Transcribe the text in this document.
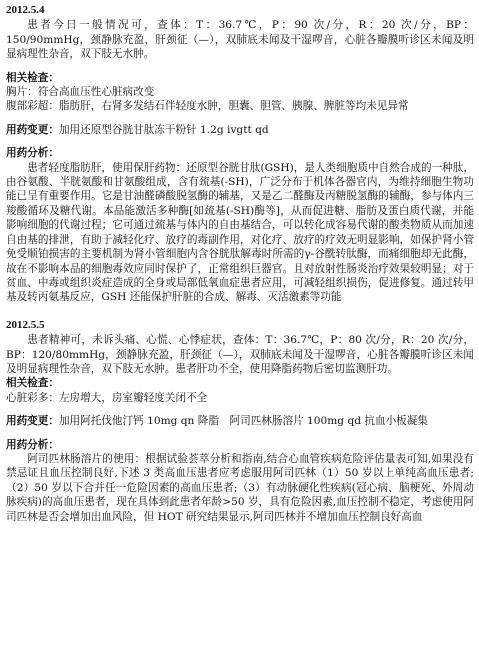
2012.5.4

患者今日一般情况可，查体：T：36.7℃，P：90 次/分，R：20 次/分，BP：150/90mmHg，颈静脉充盈，肝颈征（—），双肺底未闻及干湿啰音，心脏各瓣膜听诊区未闻及明显病理性杂音，双下肢无水肿。

相关检查：

胸片：符合高血压性心脏病改变

腹部彩超：脂肪肝，右肾多发结石伴轻度水肿，胆囊、胆管、胰腺、脾脏等均未见异常

用药变更：加用还原型谷胱甘肽冻干粉针 1.2g ivgtt qd

用药分析：

患者轻度脂肪肝，使用保肝药物：还原型谷胱甘肽(GSH)，是人类细胞质中自然合成的一种肽，由谷氨酸、半胱氨酸和甘氨酸组成，含有巯基(-SH)，广泛分布于机体各器官内，为维持细胞生物功能已呈有重要作用。它是甘油醛磷酸脱氢酶的辅基，又是乙二醛酶及丙糖脱氢酶的辅酶，参与体内三羧酸循环及糖代谢。本品能激活多种酶[如巯基(-SH)酶等]，从而促进糖、脂肪及蛋白质代谢，并能影响细胞的代谢过程；它可通过巯基与体内的自由基结合，可以转化成容易代谢的酸类物质从而加速自由基的排泄，有助于减轻化疗、放疗的毒副作用，对化疗、放疗的疗效无明显影响，如保护肾小管免受顺铂损害的主要机制为肾小管细胞内含谷胱肽解毒时所需的γ-谷酰转肽酶，而痛细胞却无此酶，故在不影响本品的细胞毒效应同时保护了，正常组织巨器官。且对放射性肠炎治疗效果较明显；对于贫血、中毒或组织炎症造成的全身或局部低氧血症患者应用，可减轻组织损伤，促进修复。通过转甲基及转丙氨基反应，GSH 还能保护肝脏的合成、解毒、灭活激素等功能

2012.5.5

患者精神可，未诉头痛、心慌、心悸症状，查体：T：36.7℃，P：80 次/分，R：20 次/分，BP：120/80mmHg，颈静脉充盈，肝颈征（—），双肺底未闻及干湿啰音，心脏各瓣膜听诊区未闻及明显病理性杂音，双下肢无水肿。患者肝功不全，使用降脂药物后密切监测肝功。

相关检查：

心脏彩多：左房增大，房室瓣轻度关闭不全

用药变更：加用阿托伐他汀钙 10mg qn 降脂　阿司匹林肠溶片 100mg qd 抗血小板凝集

用药分析：

阿司匹林肠溶片的使用：根据试验荟萃分析和指南,结合心血管疾病危险评估量表可知,如果没有禁忌证且血压控制良好,下述 3 类高血压患者应考虑服用阿司匹林（1）50 岁以上单纯高血压患者;（2）50 岁以下合并任一危险因素的高血压患者;（3）有动脉硬化性疾病(冠心病、脑梗死、外周动脉疾病)的高血压患者，现在具体到此患者年龄>50 岁，具有危险因素,血压控制不稳定，考虑使用阿司匹林是否会增加出血风险，但 HOT 研究结果显示,阿司匹林并不增加血压控制良好高血
